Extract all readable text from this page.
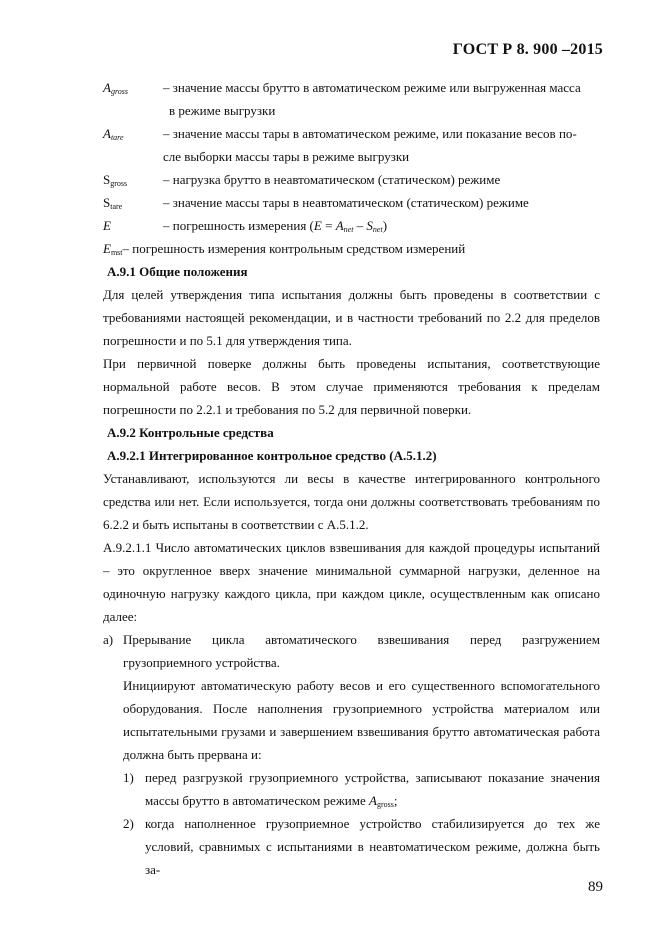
ГОСТ Р 8. 900 –2015
$A_{gross}$	– значение массы брутто в автоматическом режиме или выгруженная масса
в режиме выгрузки
$A_{tare}$	– значение массы тары в автоматическом режиме, или показание весов по-
сле выборки массы тары в режиме выгрузки
$S_{gross}$	– нагрузка брутто в неавтоматическом (статическом) режиме
$S_{tare}$	– значение массы тары в неавтоматическом (статическом) режиме
E	– погрешность измерения $(E = A_{net} - S_{net})$
$E_{mst}-$ погрешность измерения контрольным средством измерений
А.9.1 Общие положения
Для целей утверждения типа испытания должны быть проведены в соответствии с требованиями настоящей рекомендации, и в частности требований по 2.2 для пределов погрешности и по 5.1 для утверждения типа.
При первичной поверке должны быть проведены испытания, соответствующие нормальной работе весов. В этом случае применяются требования к пределам погрешности по 2.2.1 и требования по 5.2 для первичной поверки.
А.9.2 Контрольные средства
А.9.2.1 Интегрированное контрольное средство (А.5.1.2)
Устанавливают, используются ли весы в качестве интегрированного контрольного средства или нет. Если используется, тогда они должны соответствовать требованиям по 6.2.2 и быть испытаны в соответствии с А.5.1.2.
А.9.2.1.1 Число автоматических циклов взвешивания для каждой процедуры испытаний – это округленное вверх значение минимальной суммарной нагрузки, деленное на одиночную нагрузку каждого цикла, при каждом цикле, осуществленным как описано далее:
а) Прерывание цикла автоматического взвешивания перед разгружением грузоприемного устройства.
Инициируют автоматическую работу весов и его существенного вспомогательного оборудования. После наполнения грузоприемного устройства материалом или испытательными грузами и завершением взвешивания брутто автоматическая работа должна быть прервана и:
1) перед разгрузкой грузоприемного устройства, записывают показание значения массы брутто в автоматическом режиме $A_{gross}$;
2) когда наполненное грузоприемное устройство стабилизируется до тех же условий, сравнимых с испытаниями в неавтоматическом режиме, должна быть за-
89
